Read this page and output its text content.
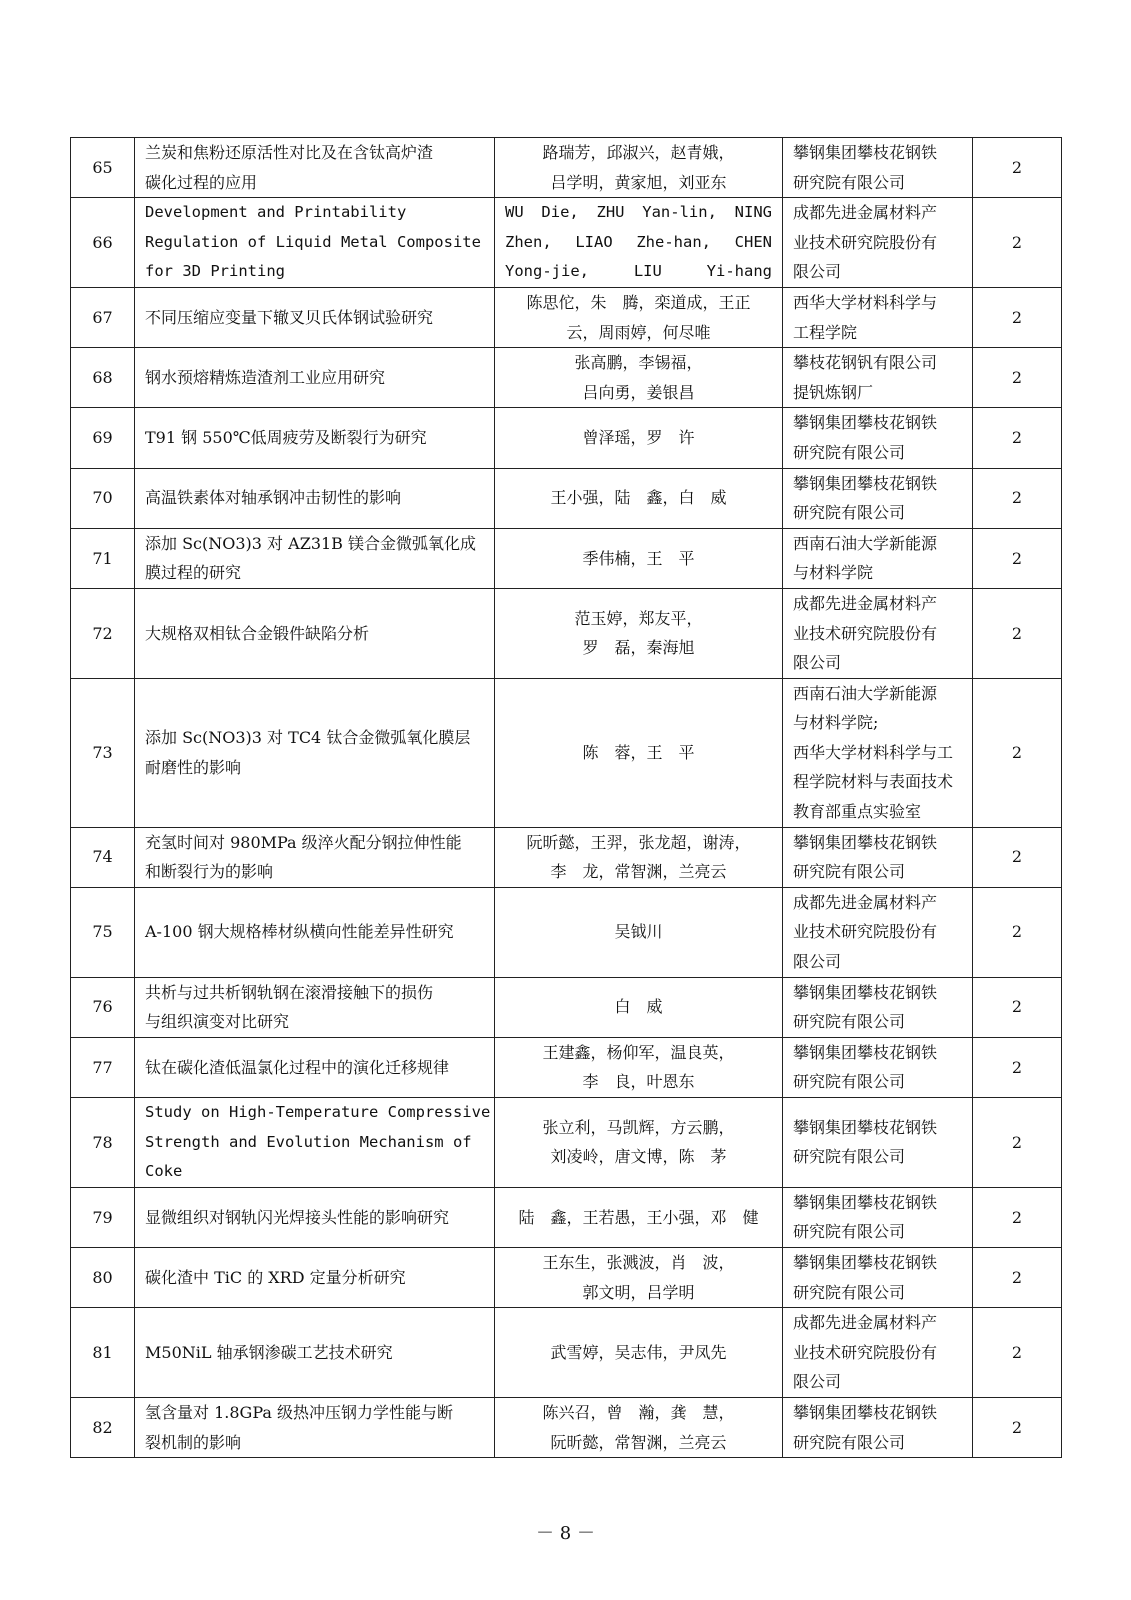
65	兰炭和焦粉还原活性对比及在含钛高炉渣
碳化过程的应用	路瑞芳，邱淑兴，赵青娥，
吕学明，黄家旭，刘亚东	攀钢集团攀枝花钢铁
研究院有限公司	2
66	Development and Printability
Regulation of Liquid Metal Composite
for 3D Printing	WU Die, ZHU Yan-lin, NING
Zhen, LIAO Zhe-han, CHEN
Yong-jie, LIU Yi-hang	成都先进金属材料产
业技术研究院股份有
限公司	2
67	不同压缩应变量下辙叉贝氏体钢试验研究	陈思佗，朱　腾，栾道成，王正
云，周雨婷，何尽唯	西华大学材料科学与
工程学院	2
68	钢水预熔精炼造渣剂工业应用研究	张高鹏，李锡福，
吕向勇，姜银昌	攀枝花钢钒有限公司
提钒炼钢厂	2
69	T91 钢 550℃低周疲劳及断裂行为研究	曾泽瑶，罗　许	攀钢集团攀枝花钢铁
研究院有限公司	2
70	高温铁素体对轴承钢冲击韧性的影响	王小强，陆　鑫，白　威	攀钢集团攀枝花钢铁
研究院有限公司	2
71	添加 Sc(NO3)3 对 AZ31B 镁合金微弧氧化成
膜过程的研究	季伟楠，王　平	西南石油大学新能源
与材料学院	2
72	大规格双相钛合金锻件缺陷分析	范玉婷，郑友平，
罗　磊，秦海旭	成都先进金属材料产
业技术研究院股份有
限公司	2
73	添加 Sc(NO3)3 对 TC4 钛合金微弧氧化膜层
耐磨性的影响	陈　蓉，王　平	西南石油大学新能源
与材料学院;
西华大学材料科学与工
程学院材料与表面技术
教育部重点实验室	2
74	充氢时间对 980MPa 级淬火配分钢拉伸性能
和断裂行为的影响	阮昕懿，王羿，张龙超，谢涛，
李　龙，常智渊，兰亮云	攀钢集团攀枝花钢铁
研究院有限公司	2
75	A-100 钢大规格棒材纵横向性能差异性研究	吴钺川	成都先进金属材料产
业技术研究院股份有
限公司	2
76	共析与过共析钢轨钢在滚滑接触下的损伤
与组织演变对比研究	白　威	攀钢集团攀枝花钢铁
研究院有限公司	2
77	钛在碳化渣低温氯化过程中的演化迁移规律	王建鑫，杨仰军，温良英，
李　良，叶恩东	攀钢集团攀枝花钢铁
研究院有限公司	2
78	Study on High-Temperature Compressive
Strength and Evolution Mechanism of
Coke	张立利，马凯辉，方云鹏，
刘凌岭，唐文博，陈　茅	攀钢集团攀枝花钢铁
研究院有限公司	2
79	显微组织对钢轨闪光焊接头性能的影响研究	陆　鑫，王若愚，王小强，邓　健	攀钢集团攀枝花钢铁
研究院有限公司	2
80	碳化渣中 TiC 的 XRD 定量分析研究	王东生，张溅波，肖　波，
郭文明，吕学明	攀钢集团攀枝花钢铁
研究院有限公司	2
81	M50NiL 轴承钢渗碳工艺技术研究	武雪婷，吴志伟，尹凤先	成都先进金属材料产
业技术研究院股份有
限公司	2
82	氢含量对 1.8GPa 级热冲压钢力学性能与断
裂机制的影响	陈兴召，曾　瀚，龚　慧，
阮昕懿，常智渊，兰亮云	攀钢集团攀枝花钢铁
研究院有限公司	2
－ 8 －
